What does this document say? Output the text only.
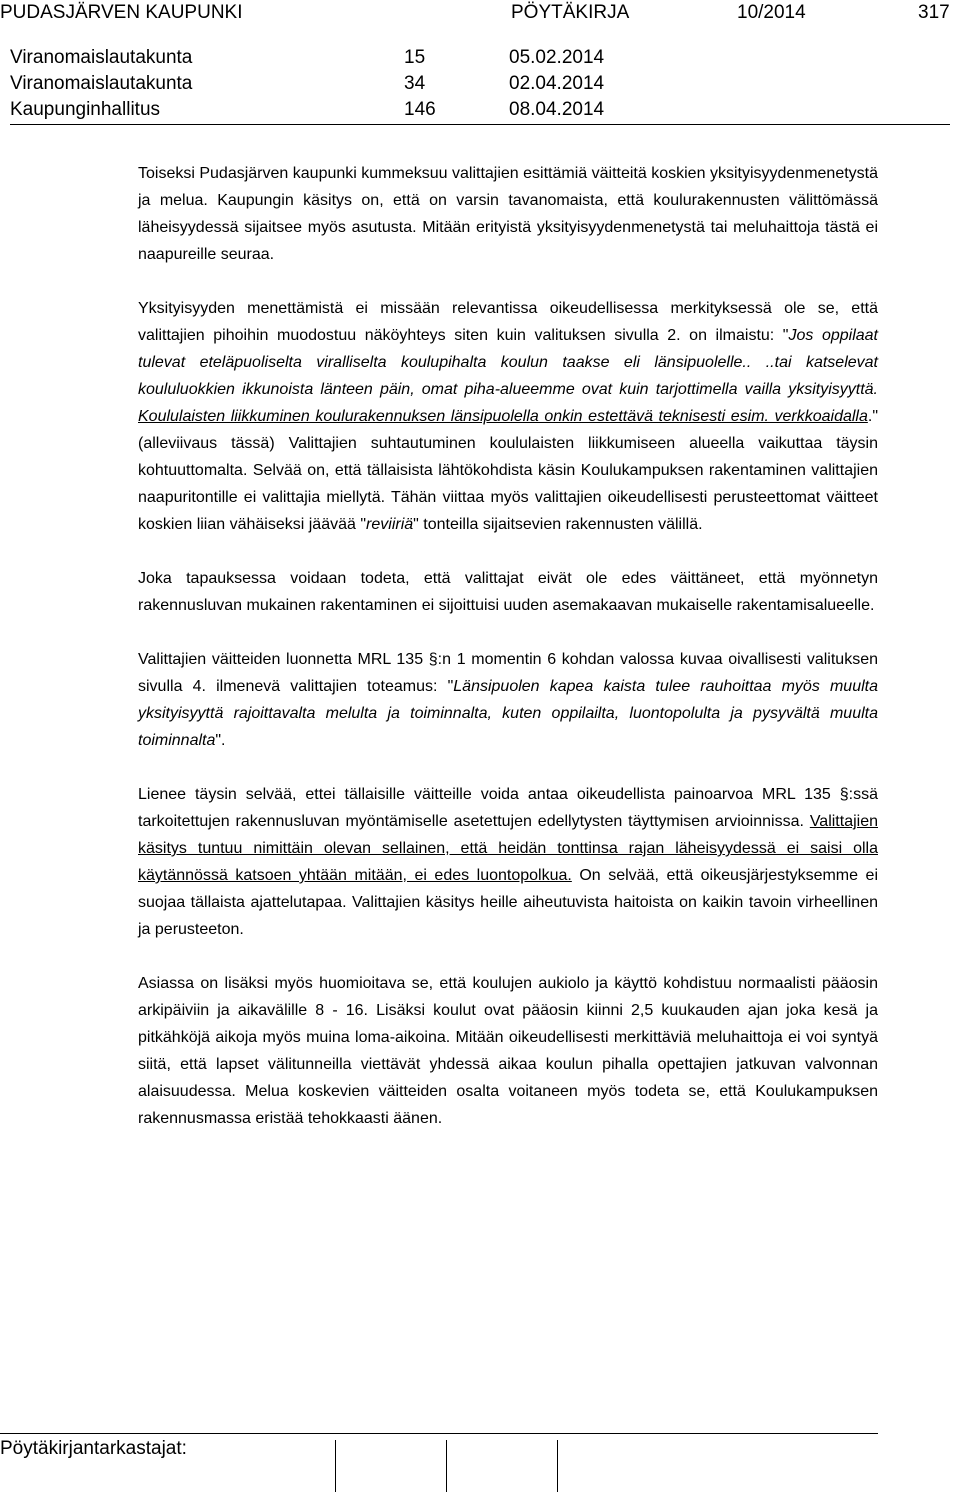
PUDASJÄRVEN KAUPUNKI	PÖYTÄKIRJA	10/2014	317
Viranomaislautakunta	15	05.02.2014
Viranomaislautakunta	34	02.04.2014
Kaupunginhallitus	146	08.04.2014

Toiseksi Pudasjärven kaupunki kummeksuu valittajien esittämiä väitteitä koskien yksityisyydenmenetystä ja melua. Kaupungin käsitys on, että on varsin tavanomaista, että koulurakennusten välittömässä läheisyydessä sijaitsee myös asutusta. Mitään erityistä yksityisyydenmenetystä tai meluhaittoja tästä ei naapureille seuraa.

Yksityisyyden menettämistä ei missään relevantissa oikeudellisessa merkityksessä ole se, että valittajien pihoihin muodostuu näköyhteys siten kuin valituksen sivulla 2. on ilmaistu: "Jos oppilaat tulevat eteläpuoliselta viralliselta koulupihalta koulun taakse eli länsipuolelle.. ..tai katselevat koululuokkien ikkunoista länteen päin, omat piha-alueemme ovat kuin tarjottimella vailla yksityisyyttä. Koululaisten liikkuminen koulurakennuksen länsipuolella onkin estettävä teknisesti esim. verkkoaidalla." (alleviivaus tässä) Valittajien suhtautuminen koululaisten liikkumiseen alueella vaikuttaa täysin kohtuuttomalta. Selvää on, että tällaisista lähtökohdista käsin Koulukampuksen rakentaminen valittajien naapuritontille ei valittajia miellytä. Tähän viittaa myös valittajien oikeudellisesti perusteettomat väitteet koskien liian vähäiseksi jäävää "reviiriä" tonteilla sijaitsevien rakennusten välillä.

Joka tapauksessa voidaan todeta, että valittajat eivät ole edes väittäneet, että myönnetyn rakennusluvan mukainen rakentaminen ei sijoittuisi uuden asemakaavan mukaiselle rakentamisalueelle.

Valittajien väitteiden luonnetta MRL 135 §:n 1 momentin 6 kohdan valossa kuvaa oivallisesti valituksen sivulla 4. ilmenevä valittajien toteamus: "Länsipuolen kapea kaista tulee rauhoittaa myös muulta yksityisyyttä rajoittavalta melulta ja toiminnalta, kuten oppilailta, luontopolulta ja pysyvältä muulta toiminnalta".

Lienee täysin selvää, ettei tällaisille väitteille voida antaa oikeudellista painoarvoa MRL 135 §:ssä tarkoitettujen rakennusluvan myöntämiselle asetettujen edellytysten täyttymisen arvioinnissa. Valittajien käsitys tuntuu nimittäin olevan sellainen, että heidän tonttinsa rajan läheisyydessä ei saisi olla käytännössä katsoen yhtään mitään, ei edes luontopolkua. On selvää, että oikeusjärjestyksemme ei suojaa tällaista ajattelutapaa. Valittajien käsitys heille aiheutuvista haitoista on kaikin tavoin virheellinen ja perusteeton.

Asiassa on lisäksi myös huomioitava se, että koulujen aukiolo ja käyttö kohdistuu normaalisti pääosin arkipäiviin ja aikavälille 8 - 16. Lisäksi koulut ovat pääosin kiinni 2,5 kuukauden ajan joka kesä ja pitkähköjä aikoja myös muina loma-aikoina. Mitään oikeudellisesti merkittäviä meluhaittoja ei voi syntyä siitä, että lapset välitunneilla viettävät yhdessä aikaa koulun pihalla opettajien jatkuvan valvonnan alaisuudessa. Melua koskevien väitteiden osalta voitaneen myös todeta se, että Koulukampuksen rakennusmassa eristää tehokkaasti äänen.

Pöytäkirjantarkastajat:
